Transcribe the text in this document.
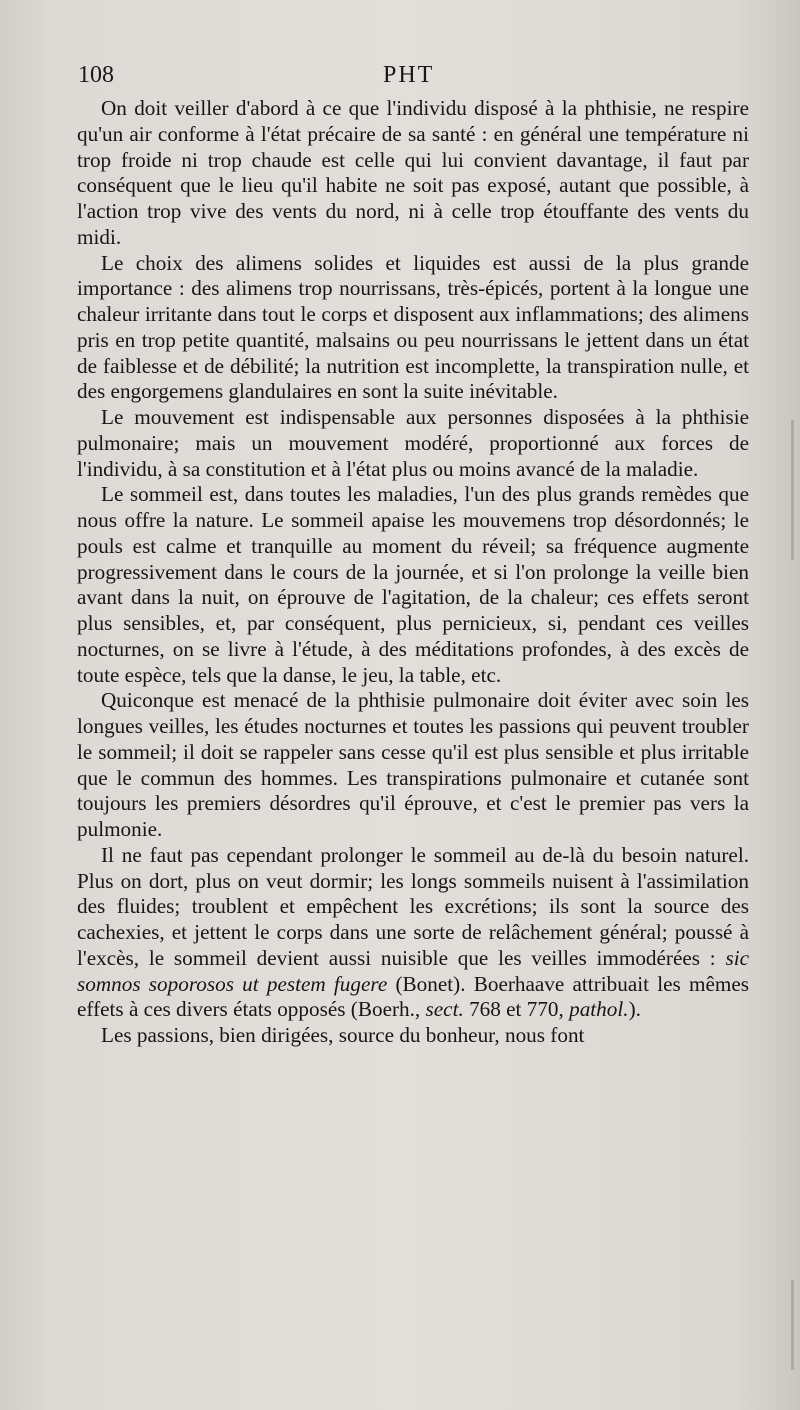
108	PHT

On doit veiller d'abord à ce que l'individu disposé à la phthisie, ne respire qu'un air conforme à l'état précaire de sa santé : en général une température ni trop froide ni trop chaude est celle qui lui convient davantage, il faut par conséquent que le lieu qu'il habite ne soit pas exposé, autant que possible, à l'action trop vive des vents du nord, ni à celle trop étouffante des vents du midi.

Le choix des alimens solides et liquides est aussi de la plus grande importance : des alimens trop nourrissans, très-épicés, portent à la longue une chaleur irritante dans tout le corps et disposent aux inflammations; des alimens pris en trop petite quantité, malsains ou peu nourrissans le jettent dans un état de faiblesse et de débilité; la nutrition est incomplette, la transpiration nulle, et des engorgemens glandulaires en sont la suite inévitable.

Le mouvement est indispensable aux personnes disposées à la phthisie pulmonaire; mais un mouvement modéré, proportionné aux forces de l'individu, à sa constitution et à l'état plus ou moins avancé de la maladie.

Le sommeil est, dans toutes les maladies, l'un des plus grands remèdes que nous offre la nature. Le sommeil apaise les mouvemens trop désordonnés; le pouls est calme et tranquille au moment du réveil; sa fréquence augmente progressivement dans le cours de la journée, et si l'on prolonge la veille bien avant dans la nuit, on éprouve de l'agitation, de la chaleur; ces effets seront plus sensibles, et, par conséquent, plus pernicieux, si, pendant ces veilles nocturnes, on se livre à l'étude, à des méditations profondes, à des excès de toute espèce, tels que la danse, le jeu, la table, etc.

Quiconque est menacé de la phthisie pulmonaire doit éviter avec soin les longues veilles, les études nocturnes et toutes les passions qui peuvent troubler le sommeil; il doit se rappeler sans cesse qu'il est plus sensible et plus irritable que le commun des hommes. Les transpirations pulmonaire et cutanée sont toujours les premiers désordres qu'il éprouve, et c'est le premier pas vers la pulmonie.

Il ne faut pas cependant prolonger le sommeil au de-là du besoin naturel. Plus on dort, plus on veut dormir; les longs sommeils nuisent à l'assimilation des fluides; troublent et empêchent les excrétions; ils sont la source des cachexies, et jettent le corps dans une sorte de relâchement général; poussé à l'excès, le sommeil devient aussi nuisible que les veilles immodérées : sic somnos soporosos ut pestem fugere (Bonet). Boerhaave attribuait les mêmes effets à ces divers états opposés (Boerh., sect. 768 et 770, pathol.).

Les passions, bien dirigées, source du bonheur, nous font
